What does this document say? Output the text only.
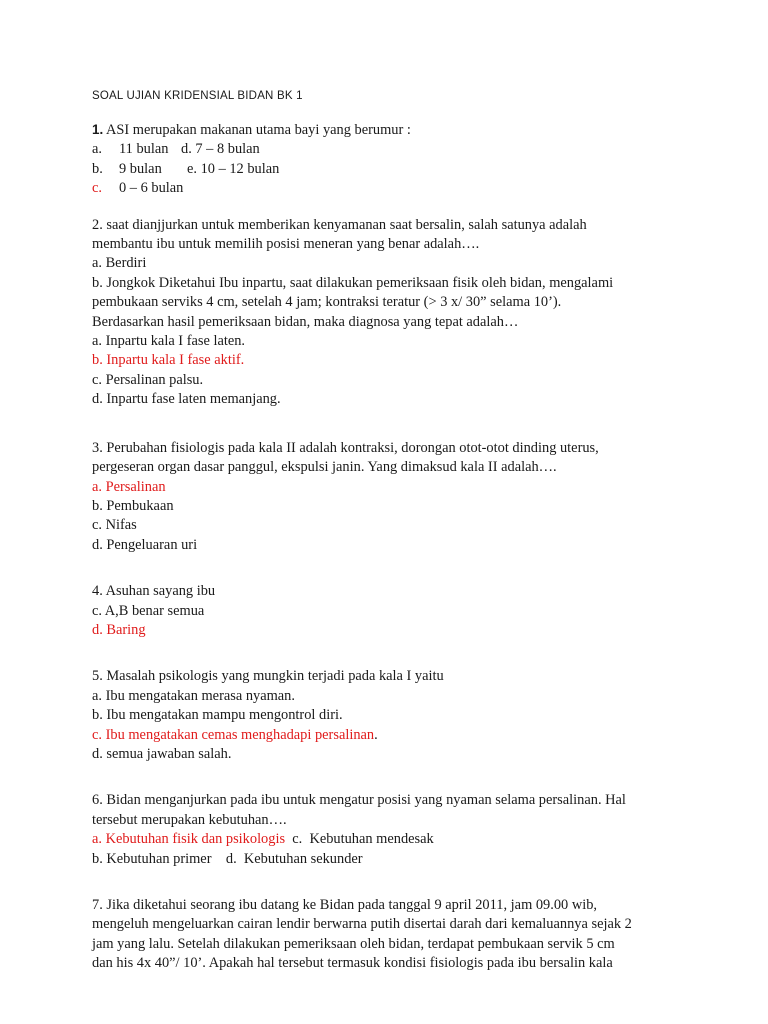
SOAL UJIAN KRIDENSIAL BIDAN BK 1
1. ASI merupakan makanan utama bayi yang berumur :
a. 11 bulan d. 7 – 8 bulan
b. 9 bulan e. 10 – 12 bulan
c. 0 – 6 bulan
2. saat dianjjurkan untuk memberikan kenyamanan saat bersalin, salah satunya adalah
membantu ibu untuk memilih posisi meneran yang benar adalah….
a. Berdiri
b. Jongkok Diketahui Ibu inpartu, saat dilakukan pemeriksaan fisik oleh bidan, mengalami
pembukaan serviks 4 cm, setelah 4 jam; kontraksi teratur (> 3 x/ 30” selama 10’).
Berdasarkan hasil pemeriksaan bidan, maka diagnosa yang tepat adalah…
a. Inpartu kala I fase laten.
b. Inpartu kala I fase aktif.
c. Persalinan palsu.
d. Inpartu fase laten memanjang.
3. Perubahan fisiologis pada kala II adalah kontraksi, dorongan otot-otot dinding uterus,
pergeseran organ dasar panggul, ekspulsi janin. Yang dimaksud kala II adalah….
a. Persalinan
b. Pembukaan
c. Nifas
d. Pengeluaran uri
4. Asuhan sayang ibu
c. A,B benar semua
d. Baring
5. Masalah psikologis yang mungkin terjadi pada kala I yaitu
a. Ibu mengatakan merasa nyaman.
b. Ibu mengatakan mampu mengontrol diri.
c. Ibu mengatakan cemas menghadapi persalinan.
d. semua jawaban salah.
6. Bidan menganjurkan pada ibu untuk mengatur posisi yang nyaman selama persalinan. Hal
tersebut merupakan kebutuhan….
a. Kebutuhan fisik dan psikologis  c.  Kebutuhan mendesak
b. Kebutuhan primer    d.  Kebutuhan sekunder
7. Jika diketahui seorang ibu datang ke Bidan pada tanggal 9 april 2011, jam 09.00 wib,
mengeluh mengeluarkan cairan lendir berwarna putih disertai darah dari kemaluannya sejak 2
jam yang lalu. Setelah dilakukan pemeriksaan oleh bidan, terdapat pembukaan servik 5 cm
dan his 4x 40”/ 10’. Apakah hal tersebut termasuk kondisi fisiologis pada ibu bersalin kala
